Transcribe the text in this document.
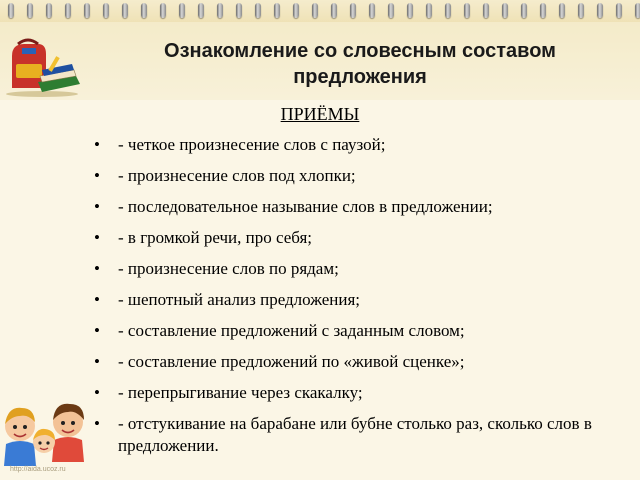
Ознакомление со словесным составом
предложения
ПРИЁМЫ
• - четкое произнесение слов с паузой;
• - произнесение слов под хлопки;
• - последовательное называние слов в предложении;
• - в громкой речи, про себя;
• - произнесение слов по рядам;
• - шепотный анализ предложения;
• - составление предложений с заданным словом;
• - составление предложений по «живой сценке»;
• - перепрыгивание через скакалку;
• - отстукивание на барабане или бубне столько раз, сколько слов в предложении.
http://aida.ucoz.ru
